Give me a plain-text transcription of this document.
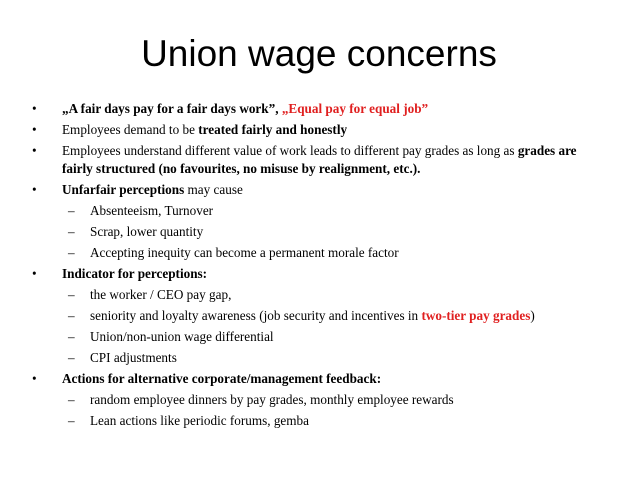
Union wage concerns
• „A fair days pay for a fair days work”, „Equal pay for equal job”
• Employees demand to be treated fairly and honestly
• Employees understand different value of work leads to different pay grades as long as grades are fairly structured (no favourites, no misuse by realignment, etc.).
• Unfarfair perceptions may cause
– Absenteeism, Turnover
– Scrap, lower quantity
– Accepting inequity can become a permanent morale factor
• Indicator for perceptions:
– the worker / CEO pay gap,
– seniority and loyalty awareness (job security and incentives in two-tier pay grades)
– Union/non-union wage differential
– CPI adjustments
• Actions for alternative corporate/management feedback:
– random employee dinners by pay grades, monthly employee rewards
– Lean actions like periodic forums, gemba
